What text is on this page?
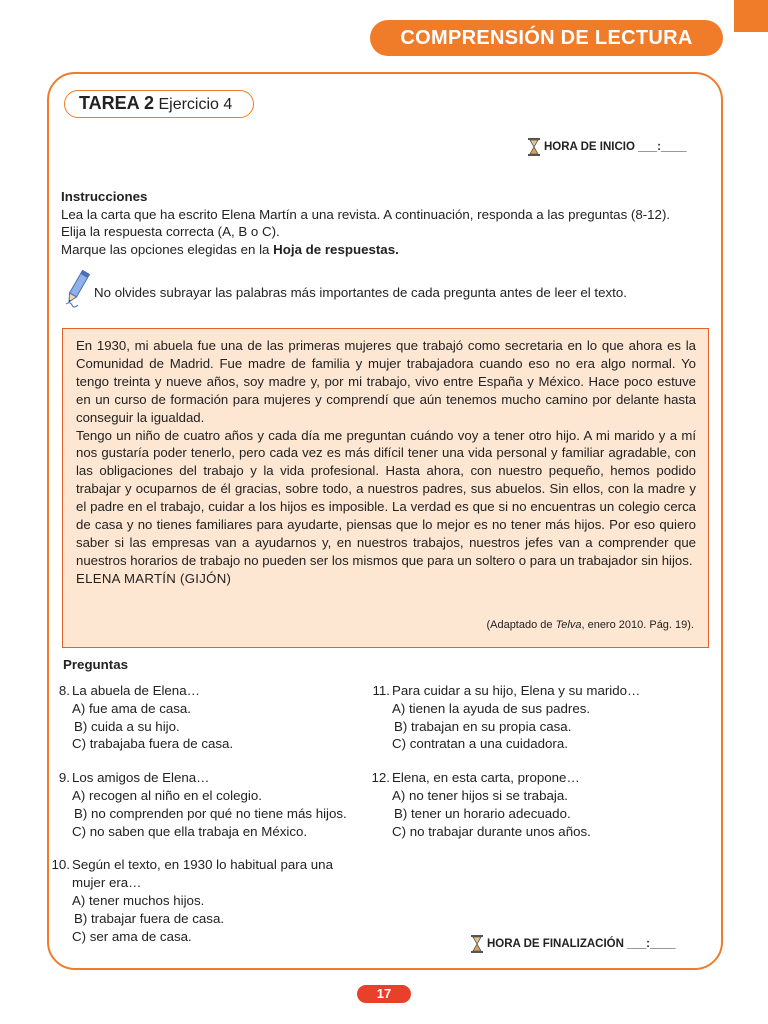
COMPRENSIÓN DE LECTURA
TAREA 2 Ejercicio 4
HORA DE INICIO ___:____
Instrucciones
Lea la carta que ha escrito Elena Martín a una revista. A continuación, responda a las preguntas (8-12).
Elija la respuesta correcta (A, B o C).
Marque las opciones elegidas en la Hoja de respuestas.
No olvides subrayar las palabras más importantes de cada pregunta antes de leer el texto.

En 1930, mi abuela fue una de las primeras mujeres que trabajó como secretaria en lo que ahora es la Comunidad de Madrid. Fue madre de familia y mujer trabajadora cuando eso no era algo normal. Yo tengo treinta y nueve años, soy madre y, por mi trabajo, vivo entre España y México. Hace poco estuve en un curso de formación para mujeres y comprendí que aún tenemos mucho camino por delante hasta conseguir la igualdad.

Tengo un niño de cuatro años y cada día me preguntan cuándo voy a tener otro hijo. A mi marido y a mí nos gustaría poder tenerlo, pero cada vez es más difícil tener una vida personal y familiar agradable, con las obligaciones del trabajo y la vida profesional. Hasta ahora, con nuestro pequeño, hemos podido trabajar y ocuparnos de él gracias, sobre todo, a nuestros padres, sus abuelos. Sin ellos, con la madre y el padre en el trabajo, cuidar a los hijos es imposible. La verdad es que si no encuentras un colegio cerca de casa y no tienes familiares para ayudarte, piensas que lo mejor es no tener más hijos. Por eso quiero saber si las empresas van a ayudarnos y, en nuestros trabajos, nuestros jefes van a comprender que nuestros horarios de trabajo no pueden ser los mismos que para un soltero o para un trabajador sin hijos.

ELENA MARTÍN (GIJÓN)

(Adaptado de Telva, enero 2010. Pág. 19).
Preguntas
8. La abuela de Elena…
A) fue ama de casa.
B) cuida a su hijo.
C) trabajaba fuera de casa.
9. Los amigos de Elena…
A) recogen al niño en el colegio.
B) no comprenden por qué no tiene más hijos.
C) no saben que ella trabaja en México.
10. Según el texto, en 1930 lo habitual para una mujer era…
A) tener muchos hijos.
B) trabajar fuera de casa.
C) ser ama de casa.
11. Para cuidar a su hijo, Elena y su marido…
A) tienen la ayuda de sus padres.
B) trabajan en su propia casa.
C) contratan a una cuidadora.
12. Elena, en esta carta, propone…
A) no tener hijos si se trabaja.
B) tener un horario adecuado.
C) no trabajar durante unos años.
HORA DE FINALIZACIÓN ___:____
17
